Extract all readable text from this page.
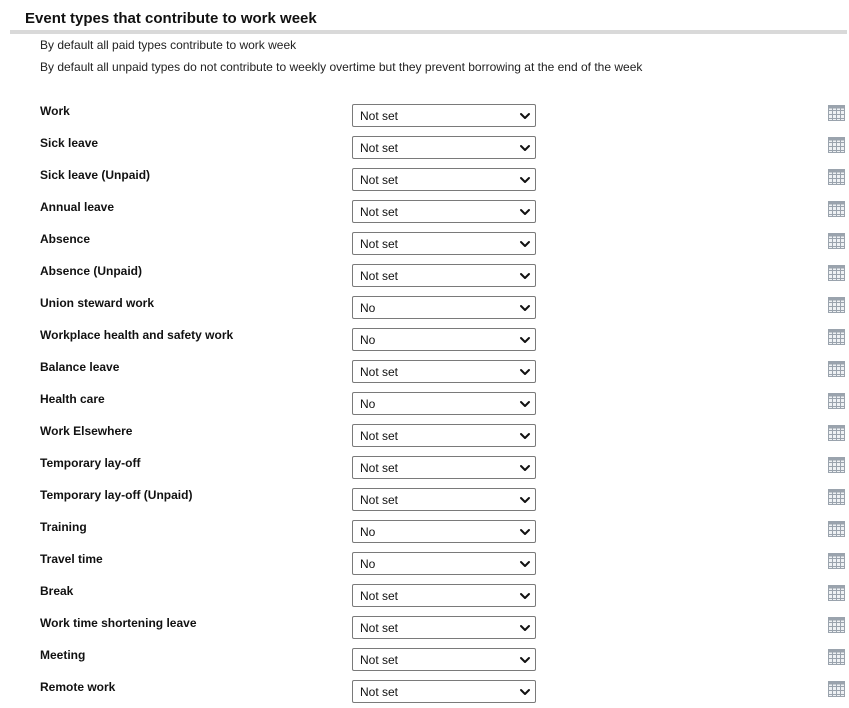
Event types that contribute to work week
By default all paid types contribute to work week
By default all unpaid types do not contribute to weekly overtime but they prevent borrowing at the end of the week
Work	Not set
Sick leave	Not set
Sick leave (Unpaid)	Not set
Annual leave	Not set
Absence	Not set
Absence (Unpaid)	Not set
Union steward work	No
Workplace health and safety work	No
Balance leave	Not set
Health care	No
Work Elsewhere	Not set
Temporary lay-off	Not set
Temporary lay-off (Unpaid)	Not set
Training	No
Travel time	No
Break	Not set
Work time shortening leave	Not set
Meeting	Not set
Remote work	Not set
